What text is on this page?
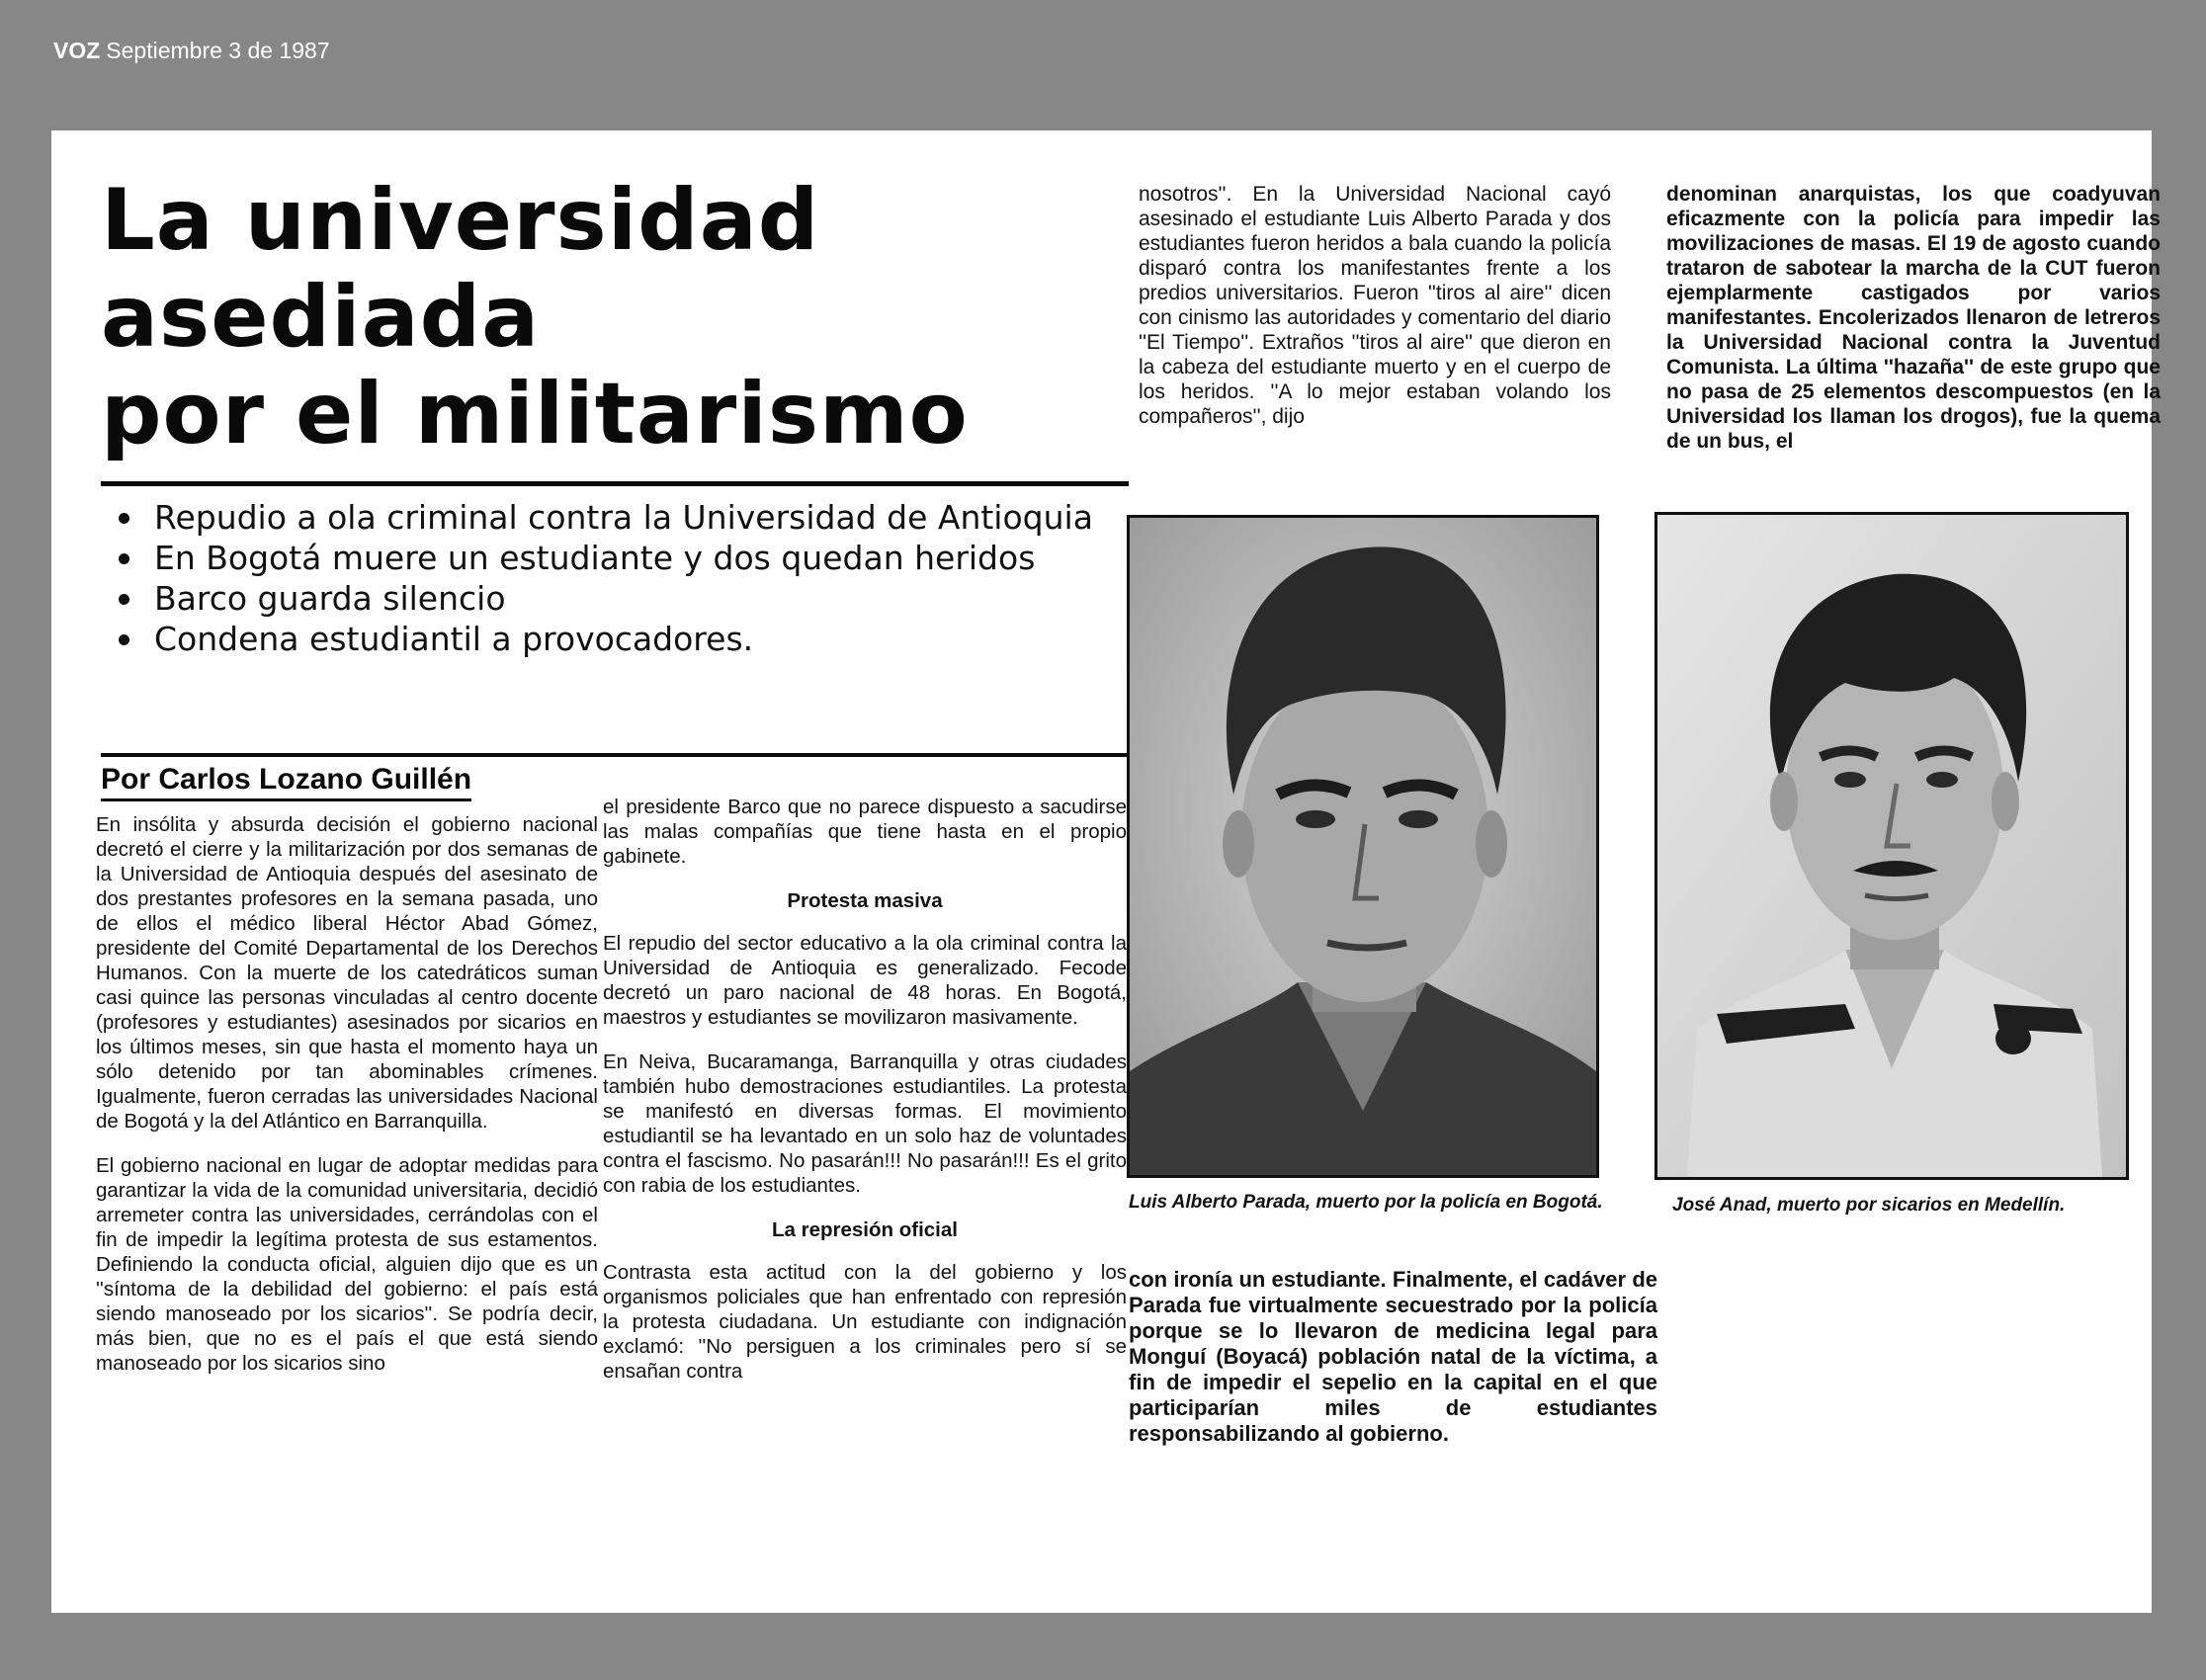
VOZ Septiembre 3 de 1987
La universidad
asediada
por el militarismo
Repudio a ola criminal contra la Universidad de Antioquia
En Bogotá muere un estudiante y dos quedan heridos
Barco guarda silencio
Condena estudiantil a provocadores.
Por Carlos Lozano Guillén

En insólita y absurda decisión el gobierno nacional decretó el cierre y la militarización por dos semanas de la Universidad de Antioquia después del asesinato de dos prestantes profesores en la semana pasada, uno de ellos el médico liberal Héctor Abad Gómez, presidente del Comité Departamental de los Derechos Humanos. Con la muerte de los catedráticos suman casi quince las personas vinculadas al centro docente (profesores y estudiantes) asesinados por sicarios en los últimos meses, sin que hasta el momento haya un sólo detenido por tan abominables crímenes. Igualmente, fueron cerradas las universidades Nacional de Bogotá y la del Atlántico en Barranquilla.

El gobierno nacional en lugar de adoptar medidas para garantizar la vida de la comunidad universitaria, decidió arremeter contra las universidades, cerrándolas con el fin de impedir la legítima protesta de sus estamentos. Definiendo la conducta oficial, alguien dijo que es un ''síntoma de la debilidad del gobierno: el país está siendo manoseado por los sicarios''. Se podría decir, más bien, que no es el país el que está siendo manoseado por los sicarios sino

el presidente Barco que no parece dispuesto a sacudirse las malas compañías que tiene hasta en el propio gabinete.

Protesta masiva

El repudio del sector educativo a la ola criminal contra la Universidad de Antioquia es generalizado. Fecode decretó un paro nacional de 48 horas. En Bogotá, maestros y estudiantes se movilizaron masivamente.

En Neiva, Bucaramanga, Barranquilla y otras ciudades también hubo demostraciones estudiantiles. La protesta se manifestó en diversas formas. El movimiento estudiantil se ha levantado en un solo haz de voluntades contra el fascismo. No pasarán!!! No pasarán!!! Es el grito con rabia de los estudiantes.

La represión oficial

Contrasta esta actitud con la del gobierno y los organismos policiales que han enfrentado con represión la protesta ciudadana. Un estudiante con indignación exclamó: ''No persiguen a los criminales pero sí se ensañan contra

nosotros''. En la Universidad Nacional cayó asesinado el estudiante Luis Alberto Parada y dos estudiantes fueron heridos a bala cuando la policía disparó contra los manifestantes frente a los predios universitarios. Fueron ''tiros al aire'' dicen con cinismo las autoridades y comentario del diario ''El Tiempo''. Extraños ''tiros al aire'' que dieron en la cabeza del estudiante muerto y en el cuerpo de los heridos. ''A lo mejor estaban volando los compañeros'', dijo

denominan anarquistas, los que coadyuvan eficazmente con la policía para impedir las movilizaciones de masas. El 19 de agosto cuando trataron de sabotear la marcha de la CUT fueron ejemplarmente castigados por varios manifestantes. Encolerizados llenaron de letreros la Universidad Nacional contra la Juventud Comunista. La última ''hazaña'' de este grupo que no pasa de 25 elementos descompuestos (en la Universidad los llaman los drogos), fue la quema de un bus, el

Luis Alberto Parada, muerto por la policía en Bogotá.	José Anad, muerto por sicarios en Medellín.

con ironía un estudiante. Finalmente, el cadáver de Parada fue virtualmente secuestrado por la policía porque se lo llevaron de medicina legal para Monguí (Boyacá) población natal de la víctima, a fin de impedir el sepelio en la capital en el que participarían miles de estudiantes responsabilizando al gobierno.
